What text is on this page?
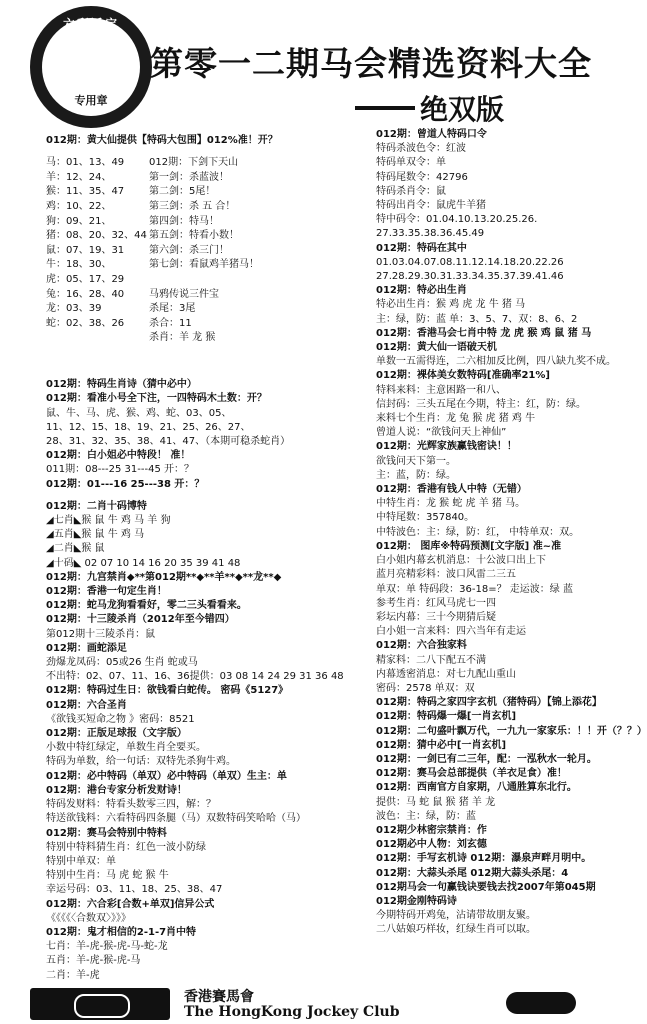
六彩诱宝
专用章
第零一二期马会精选资料大全
绝双版
012期：黄大仙提供【特码大包围】012%准！开？
马：01、13、49
羊：12、24、
猴：11、35、47
鸡：10、22、
狗：09、21、
猪：08、20、32、44
鼠：07、19、31
牛：18、30、
虎：05、17、29
兔：16、28、40
龙：03、39
蛇：02、38、26
012期：下剑下天山
第一剑：杀蓝波！
第二剑：5尾！
第三剑：杀 五 合！
第四剑：特马！
第五剑：特看小数！
第六剑：杀三门！
第七剑：看鼠鸡羊猪马！
马鸦传说三件宝
杀尾：3尾
杀合：11
杀肖：羊 龙 猴
012期：特码生肖诗（猜中必中）
012期：看准小号全下注，一四特码木土数：开？
鼠、牛、马、虎、猴、鸡、蛇、03、05、
11、12、15、18、19、21、25、26、27、
28、31、32、35、38、41、47、（本期可稳杀蛇肖）
012期：白小姐必中特段！ 准！
011期：08---25 31---45 开：？
012期：01---16 25---38 开：？
012期：二肖十码博特
◢七肖◣猴 鼠 牛 鸡 马 羊 狗
◢五肖◣猴 鼠 牛 鸡 马
◢二肖◣猴 鼠
◢十码◣ 02 07 10 14 16 20 35 39 41 48
012期：九宫禁肖◆**第012期**◆**羊**◆**龙**◆
012期：香港一句定生肖！
012期：蛇马龙狗看看好，零二三头看看来。
012期：十三陵杀肖（2012年至今错四）
第012期十三陵杀肖：鼠
012期：画蛇添足
劲爆龙凤码：05或26 生肖 蛇或马
不出特：02、07、11、16、36提供：03 08 14 24 29 31 36 48
012期：特码过生日：欲钱看白蛇传。 密码《5127》
012期：六合圣肖
《欲钱买短命之物 》密码：8521
012期：正版足球报（文字版）
小数中特红绿定，单数生肖全要买。
特码为单数，给一句话：双特先杀狗牛鸡。
012期：必中特码（单双）必中特码（单双）生主：单
012期：港台专家分析发财诗！
特码发财料：特看头数零三四，解：？
特送欲钱料：六看特码四条腿（马）双数特码笑哈哈（马）
012期：赛马会特别中特料
特别中特料猜生肖：红色一波小防绿
特别中单双：单
特别中生肖：马 虎 蛇 猴 牛
幸运号码：03、11、18、25、38、47
012期：六合彩[合数+单双]信异公式
《《《《〈合数双〉》》》
012期：鬼才相信的2-1-7肖中特
七肖：羊-虎-猴-虎-马-蛇-龙
五肖：羊-虎-猴-虎-马
二肖：羊-虎
012期：曾道人特码口令
特码杀波色令：红波
特码单双令：单
特码尾数令：42796
特码杀肖令：鼠
特码出肖令：鼠虎牛羊猪
特中码令：01.04.10.13.20.25.26.
27.33.35.38.36.45.49
012期：特码在其中
01.03.04.07.08.11.12.14.18.20.22.26
27.28.29.30.31.33.34.35.37.39.41.46
012期：特必出生肖
特必出生肖：猴 鸡 虎 龙 牛 猪 马
主：绿，防：蓝 单：3、5、7、双：8、6、2
012期：香港马会七肖中特 龙 虎 猴 鸡 鼠 猪 马
012期：黄大仙一语破天机
单数一五需得连，二六相加反比例，四八缺九奖不成。
012期：裸体美女数特码[准确率21%]
特料来料：主意困路一和八、
信封码：三头五尾在今期，特主：红，防：绿。
来料七个生肖：龙 兔 猴 虎 猪 鸡 牛
曾道人说：“欲钱问天上神仙”
012期：光辉家族赢钱密诀！！
欲钱问天下第一。
主：蓝，防：绿。
012期：香港有钱人中特（无错）
中特生肖：龙 猴 蛇 虎 羊 猪 马。
中特尾数：357840。
中特波色：主：绿，防：红， 中特单双：双。
012期： 图库※特码预测[文字版] 准~准
白小姐内幕玄机消息：十公波口出上下
蓝月亮精彩料：波口风雷二三五
单双：单 特码段：36-18=？ 走运波：绿 蓝
参考生肖：红风马虎七一四
彩坛内幕：三十今期猜后疑
白小姐一言来料：四六当年有走运
012期：六合独家料
精家料：二八下配五不满
内幕透密消息：对七九配山重山
密码：2578 单双：双
012期：特码之家四字玄机（猪特码）【锦上添花】
012期：特码爆一爆[一肖玄机]
012期：二句盛叶飘万代，一九九一家家乐：！！开（？？）
012期：猜中必中[一肖玄机]
012期：一剑已有二三年，配：一泓秋水一轮月。
012期：赛马会总部提供（羊衣足食）准！
012期：西南官方自家期，八通胜算东北行。
提供：马 蛇 鼠 猴 猪 羊 龙
波色：主：绿，防：蓝
012期少林密宗禁肖：作
012期必中人物：刘玄德
012期：手写玄机诗 012期：瀑泉声畔月明中。
012期：大蒜头杀尾 012期大蒜头杀尾：4
012期马会一句赢钱诀要钱去找2007年第045期
012期金刚特码诗
今期特码开鸡兔，沾请带故朋友聚。
二八姑娘巧样妆，红绿生肖可以取。
香港賽馬會
The HongKong Jockey Club
